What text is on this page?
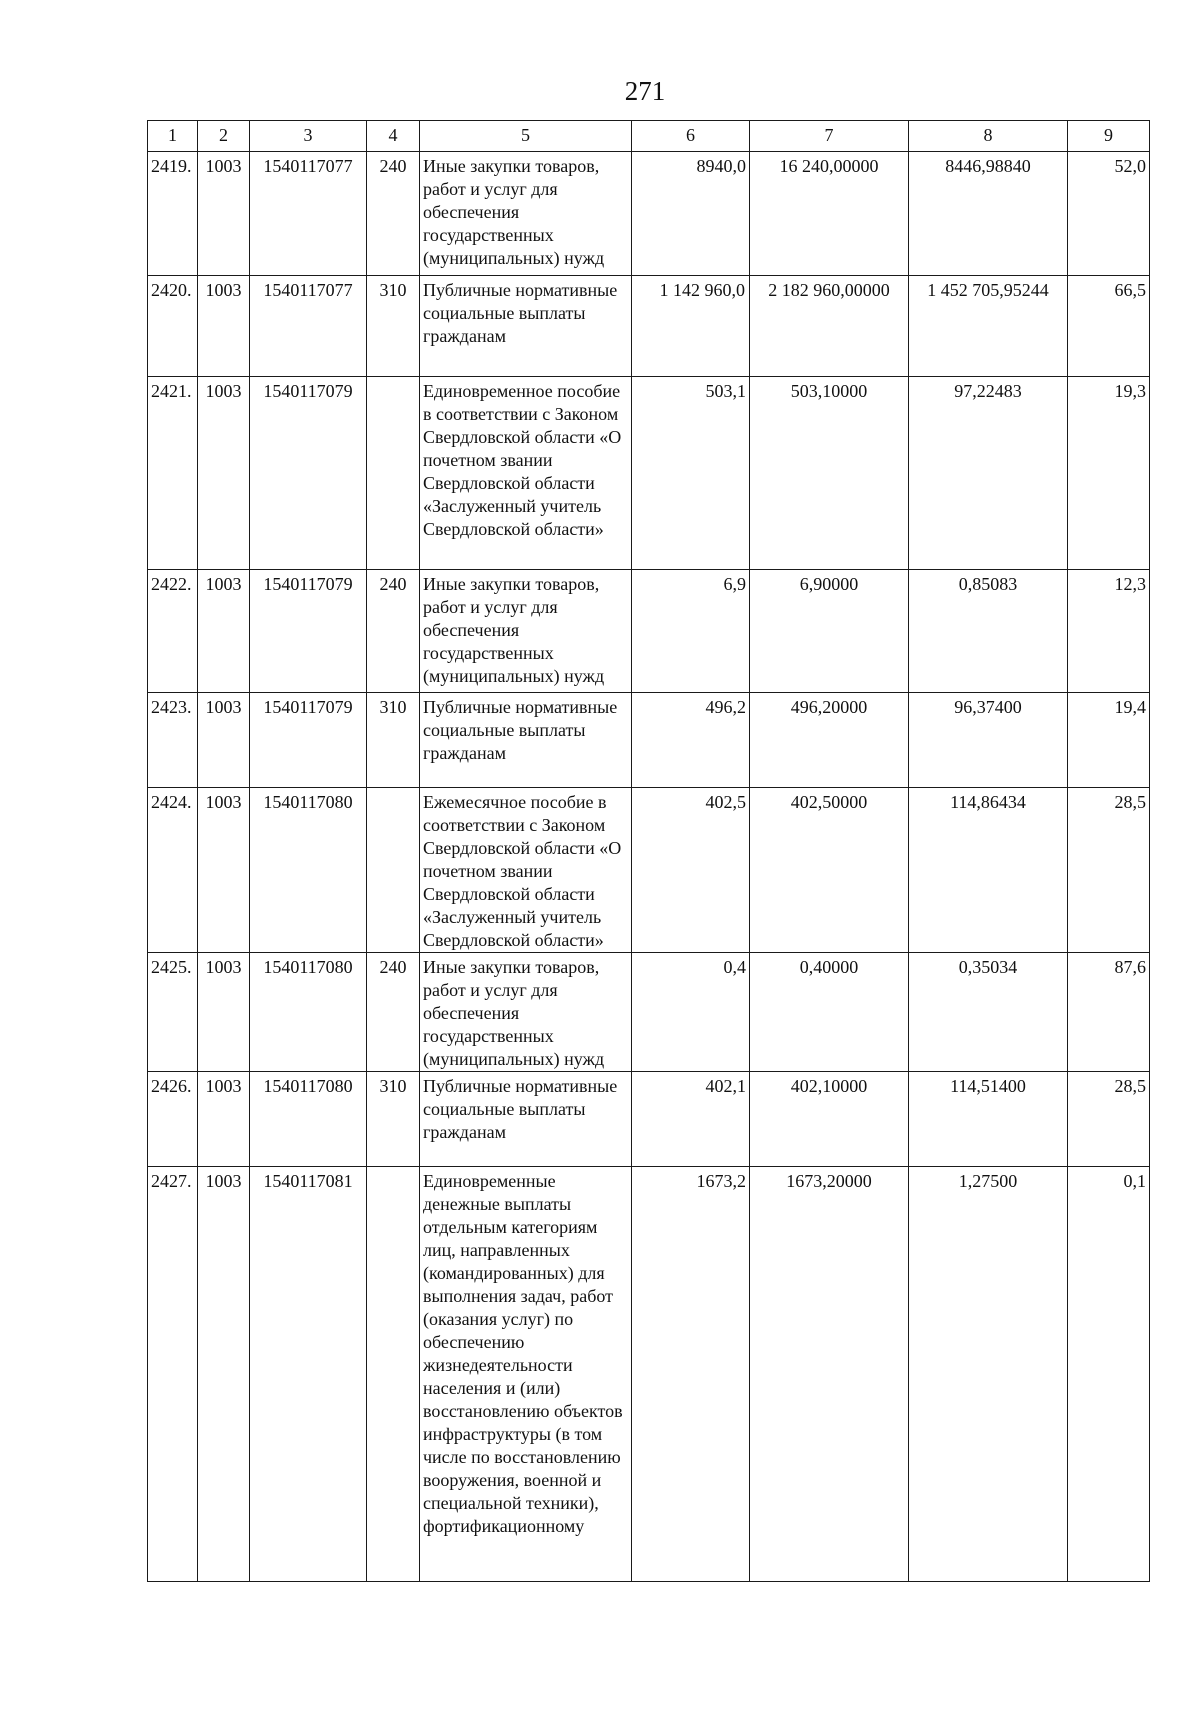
271
1	2	3	4	5	6	7	8	9
2419.	1003	1540117077	240	Иные закупки товаров, работ и услуг для обеспечения государственных (муниципальных) нужд	8940,0	16 240,00000	8446,98840	52,0
2420.	1003	1540117077	310	Публичные нормативные социальные выплаты гражданам	1 142 960,0	2 182 960,00000	1 452 705,95244	66,5
2421.	1003	1540117079		Единовременное пособие в соответствии с Законом Свердловской области «О почетном звании Свердловской области «Заслуженный учитель Свердловской области»	503,1	503,10000	97,22483	19,3
2422.	1003	1540117079	240	Иные закупки товаров, работ и услуг для обеспечения государственных (муниципальных) нужд	6,9	6,90000	0,85083	12,3
2423.	1003	1540117079	310	Публичные нормативные социальные выплаты гражданам	496,2	496,20000	96,37400	19,4
2424.	1003	1540117080		Ежемесячное пособие в соответствии с Законом Свердловской области «О почетном звании Свердловской области «Заслуженный учитель Свердловской области»	402,5	402,50000	114,86434	28,5
2425.	1003	1540117080	240	Иные закупки товаров, работ и услуг для обеспечения государственных (муниципальных) нужд	0,4	0,40000	0,35034	87,6
2426.	1003	1540117080	310	Публичные нормативные социальные выплаты гражданам	402,1	402,10000	114,51400	28,5
2427.	1003	1540117081		Единовременные денежные выплаты отдельным категориям лиц, направленных (командированных) для выполнения задач, работ (оказания услуг) по обеспечению жизнедеятельности населения и (или) восстановлению объектов инфраструктуры (в том числе по восстановлению вооружения, военной и специальной техники), фортификационному	1673,2	1673,20000	1,27500	0,1
